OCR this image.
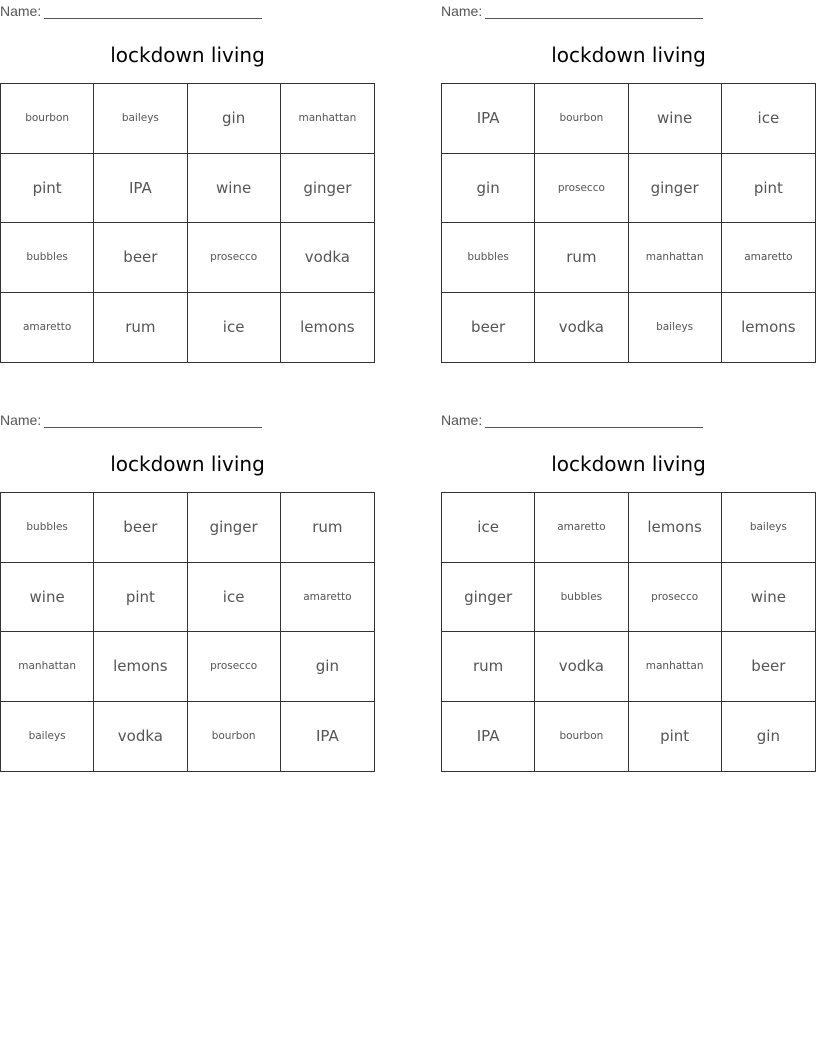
Name:
lockdown living
bourbon	baileys	gin	manhattan
pint	IPA	wine	ginger
bubbles	beer	prosecco	vodka
amaretto	rum	ice	lemons
Name:
lockdown living
IPA	bourbon	wine	ice
gin	prosecco	ginger	pint
bubbles	rum	manhattan	amaretto
beer	vodka	baileys	lemons
Name:
lockdown living
bubbles	beer	ginger	rum
wine	pint	ice	amaretto
manhattan	lemons	prosecco	gin
baileys	vodka	bourbon	IPA
Name:
lockdown living
ice	amaretto	lemons	baileys
ginger	bubbles	prosecco	wine
rum	vodka	manhattan	beer
IPA	bourbon	pint	gin
